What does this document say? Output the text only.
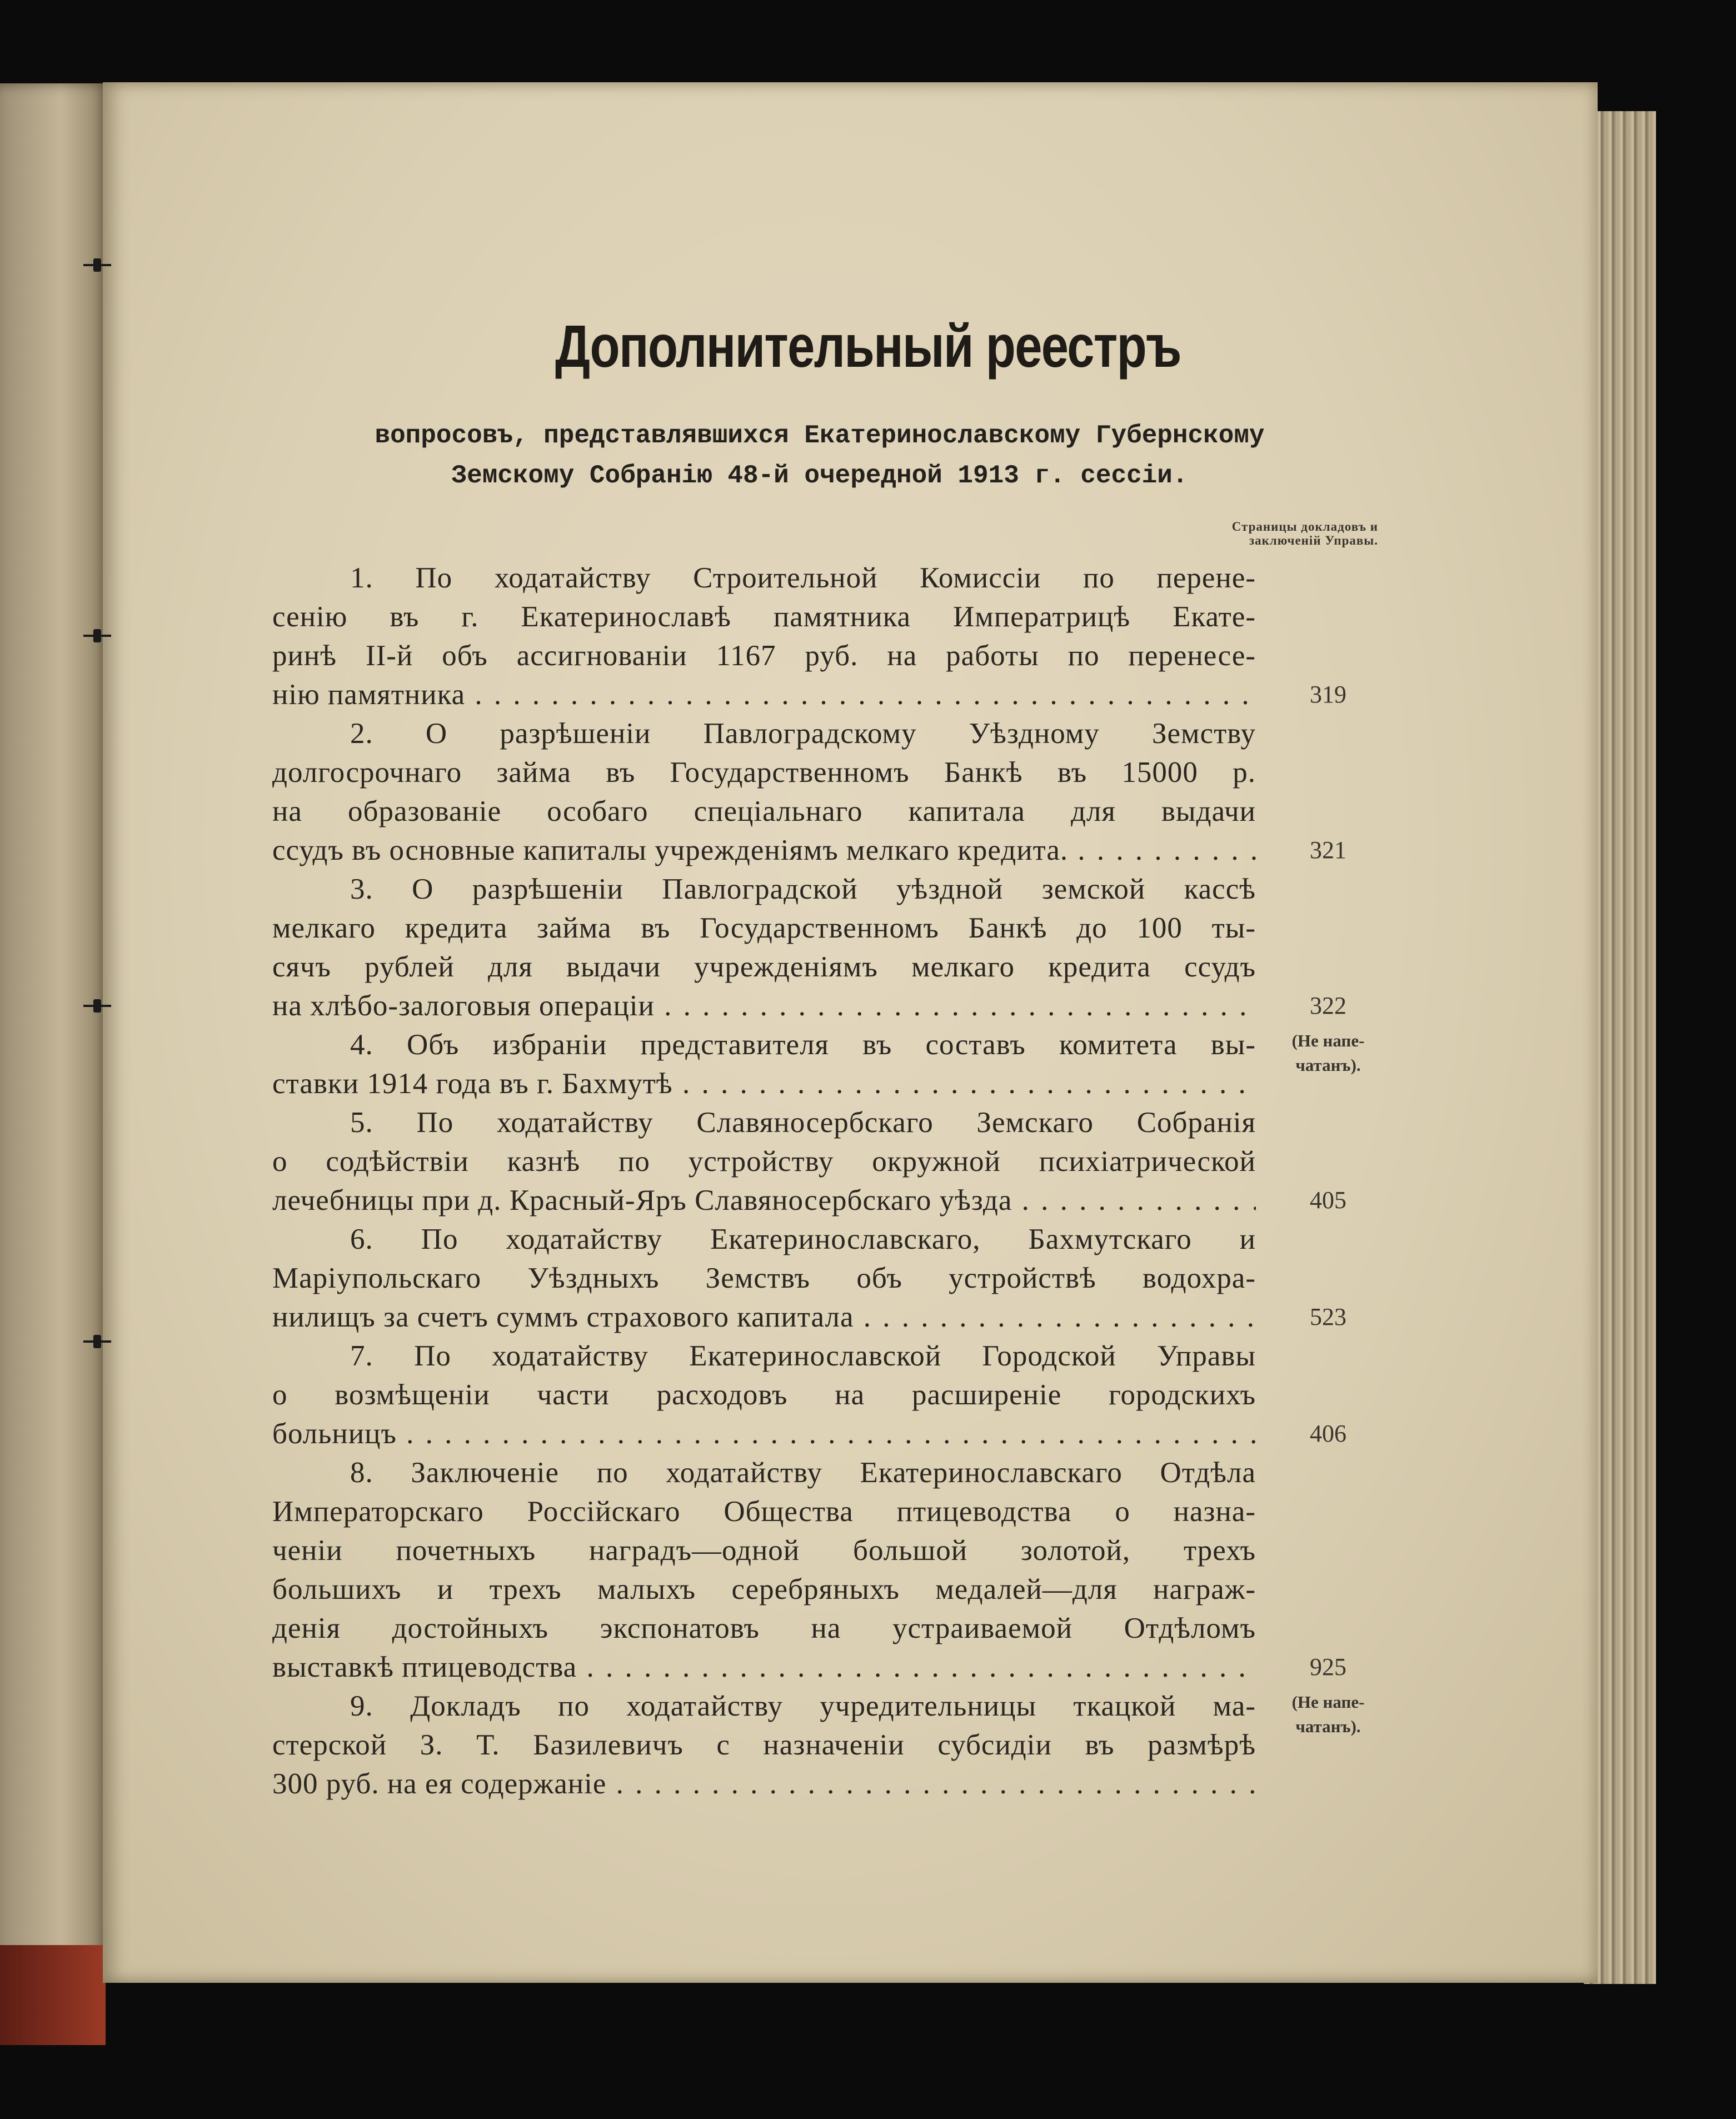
Дополнительный реестръ

вопросовъ, представлявшихся Екатеринославскому Губернскому
Земскому Собранію 48-й очередной 1913 г. сессіи.

Страницы докладовъ и
заключеній Управы.
1. По ходатайству Строительной Комиссіи по перене-
сенію въ г. Екатеринославѣ памятника Императрицѣ Екате-
ринѣ II-й объ ассигнованіи 1167 руб. на работы по перенесе-
нію памятника . . .	319
2. О разрѣшеніи Павлоградскому Уѣздному Земству
долгосрочнаго займа въ Государственномъ Банкѣ въ 15000 р.
на образованіе особаго спеціальнаго капитала для выдачи
ссудъ въ основные капиталы учрежденіямъ мелкаго кредита. . . .	321
3. О разрѣшеніи Павлоградской уѣздной земской кассѣ
мелкаго кредита займа въ Государственномъ Банкѣ до 100 ты-
сячъ рублей для выдачи учрежденіямъ мелкаго кредита ссудъ
на хлѣбо-залоговыя операціи . . .	322
4. Объ избраніи представителя въ составъ комитета вы-
ставки 1914 года въ г. Бахмутѣ . . .
(Не напе-
чатанъ).
5. По ходатайству Славяносербскаго Земскаго Собранія
о содѣйствіи казнѣ по устройству окружной психіатрической
лечебницы при д. Красный-Яръ Славяносербскаго уѣзда . . .	405
6. По ходатайству Екатеринославскаго, Бахмутскаго и
Маріупольскаго Уѣздныхъ Земствъ объ устройствѣ водохра-
нилищъ за счетъ суммъ страхового капитала . . .	523
7. По ходатайству Екатеринославской Городской Управы
о возмѣщеніи части расходовъ на расширеніе городскихъ
больницъ . . .	406
8. Заключеніе по ходатайству Екатеринославскаго Отдѣла
Императорскаго Россійскаго Общества птицеводства о назна-
ченіи почетныхъ наградъ—одной большой золотой, трехъ
большихъ и трехъ малыхъ серебряныхъ медалей—для награж-
денія достойныхъ экспонатовъ на устраиваемой Отдѣломъ
выставкѣ птицеводства . . .	925
9. Докладъ по ходатайству учредительницы ткацкой ма-
стерской З. Т. Базилевичъ с назначеніи субсидіи въ размѣрѣ
300 руб. на ея содержаніе . . .
(Не напе-
чатанъ).
